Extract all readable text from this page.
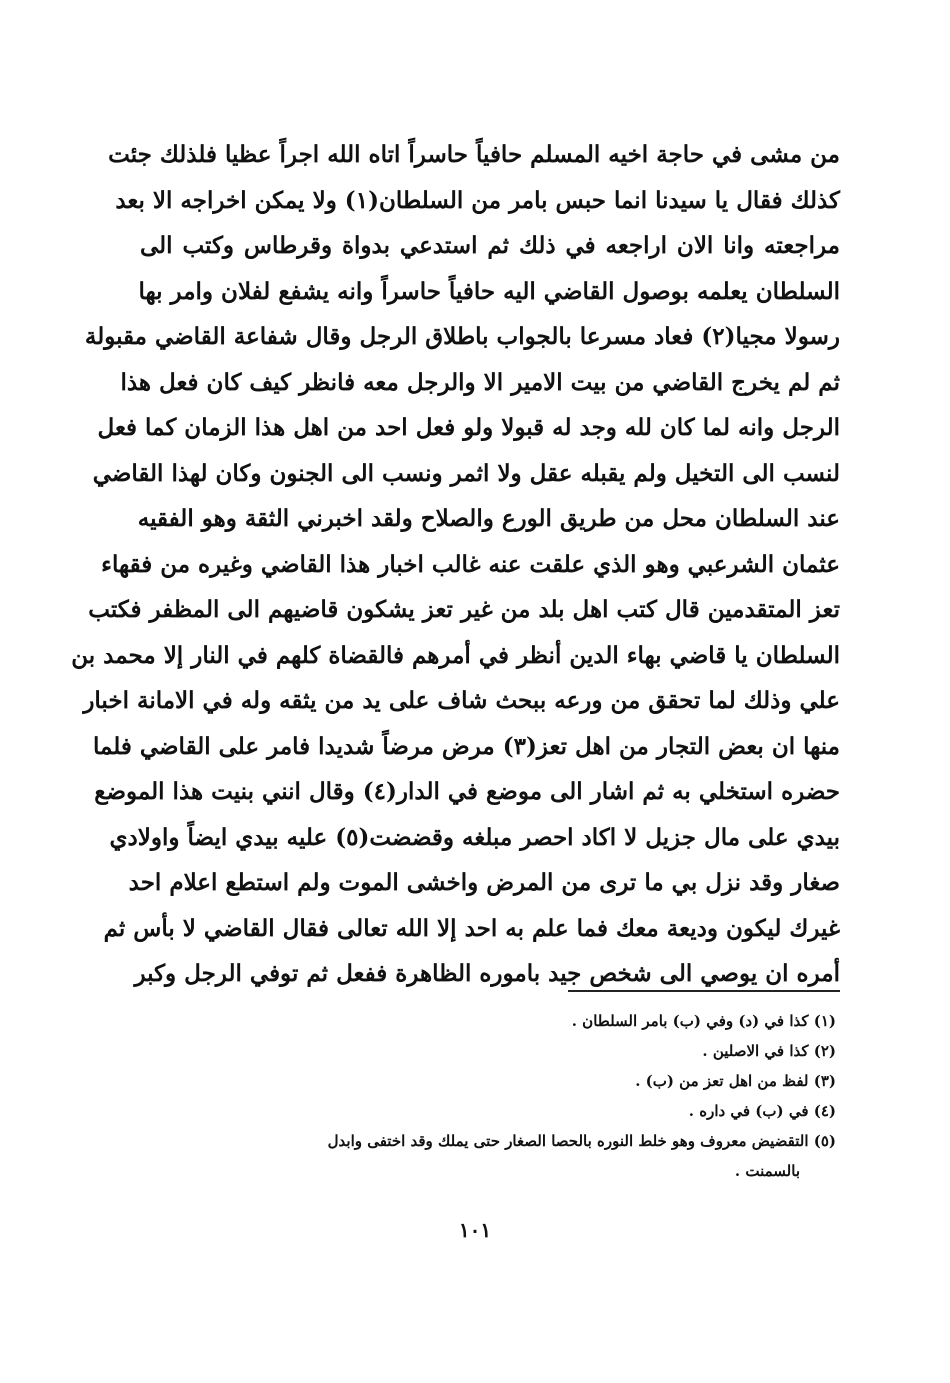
من مشى في حاجة اخيه المسلم حافياً حاسراً اتاه الله اجراً عظيا فلذلك جئت
كذلك فقال يا سيدنا انما حبس بامر من السلطان(١) ولا يمكن اخراجه الا بعد
مراجعته وانا الان اراجعه في ذلك ثم استدعي بدواة وقرطاس وكتب الى
السلطان يعلمه بوصول القاضي اليه حافياً حاسراً وانه يشفع لفلان وامر بها
رسولا مجيا(٢) فعاد مسرعا بالجواب باطلاق الرجل وقال شفاعة القاضي مقبولة
ثم لم يخرج القاضي من بيت الامير الا والرجل معه فانظر كيف كان فعل هذا
الرجل وانه لما كان لله وجد له قبولا ولو فعل احد من اهل هذا الزمان كما فعل
لنسب الى التخيل ولم يقبله عقل ولا اثمر ونسب الى الجنون وكان لهذا القاضي
عند السلطان محل من طريق الورع والصلاح ولقد اخبرني الثقة وهو الفقيه
عثمان الشرعبي وهو الذي علقت عنه غالب اخبار هذا القاضي وغيره من فقهاء
تعز المتقدمين قال كتب اهل بلد من غير تعز يشكون قاضيهم الى المظفر فكتب
السلطان يا قاضي بهاء الدين أنظر في أمرهم فالقضاة كلهم في النار إلا محمد بن
علي وذلك لما تحقق من ورعه ببحث شاف على يد من يثقه وله في الامانة اخبار
منها ان بعض التجار من اهل تعز(٣) مرض مرضاً شديدا فامر على القاضي فلما
حضره استخلي به ثم اشار الى موضع في الدار(٤) وقال انني بنيت هذا الموضع
بيدي على مال جزيل لا اكاد احصر مبلغه وقضضت(٥) عليه بيدي ايضاً واولادي
صغار وقد نزل بي ما ترى من المرض واخشى الموت ولم استطع اعلام احد
غيرك ليكون وديعة معك فما علم به احد إلا الله تعالى فقال القاضي لا بأس ثم
أمره ان يوصي الى شخص جيد باموره الظاهرة ففعل ثم توفي الرجل وكبر
(١) كذا في (د) وفي (ب) بامر السلطان .
(٢) كذا في الاصلين .
(٣) لفظ من اهل تعز من (ب) .
(٤) في (ب) في داره .
(٥) التقضيض معروف وهو خلط النوره بالحصا الصغار حتى يملك وقد اختفى وابدل
بالسمنت .
١٠١
